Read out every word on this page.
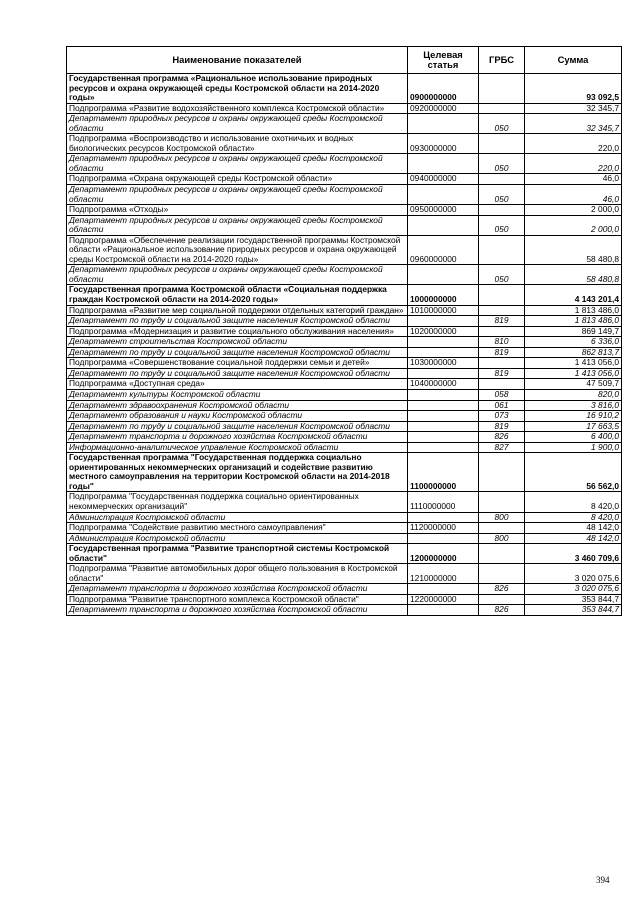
Наименование показателей	Целевая статья	ГРБС	Сумма
Государственная программа «Рациональное использование природных ресурсов и охрана окружающей среды Костромской области на 2014-2020 годы»	0900000000		93 092,5
Подпрограмма «Развитие водохозяйственного комплекса Костромской области»	0920000000		32 345,7
Департамент природных ресурсов и охраны окружающей среды Костромской области		050	32 345,7
Подпрограмма «Воспроизводство и использование охотничьих и водных биологических ресурсов Костромской области»	0930000000		220,0
Департамент природных ресурсов и охраны окружающей среды Костромской области		050	220,0
Подпрограмма «Охрана окружающей среды Костромской области»	0940000000		46,0
Департамент природных ресурсов и охраны окружающей среды Костромской области		050	46,0
Подпрограмма «Отходы»	0950000000		2 000,0
Департамент природных ресурсов и охраны окружающей среды Костромской области		050	2 000,0
Подпрограмма «Обеспечение реализации государственной программы Костромской области «Рациональное использование природных ресурсов и охрана окружающей среды Костромской области на 2014-2020 годы»	0960000000		58 480,8
Департамент природных ресурсов и охраны окружающей среды Костромской области		050	58 480,8
Государственная программа Костромской области «Социальная поддержка граждан Костромской области на 2014-2020 годы»	1000000000		4 143 201,4
Подпрограмма «Развитие мер социальной поддержки отдельных категорий граждан»	1010000000		1 813 486,0
Департамент по труду и социальной защите населения Костромской области		819	1 813 486,0
Подпрограмма «Модернизация и развитие социального обслуживания населения»	1020000000		869 149,7
Департамент строительства Костромской области		810	6 336,0
Департамент по труду и социальной защите населения Костромской области		819	862 813,7
Подпрограмма «Совершенствование социальной поддержки семьи и детей»	1030000000		1 413 056,0
Департамент по труду и социальной защите населения Костромской области		819	1 413 056,0
Подпрограмма «Доступная среда»	1040000000		47 509,7
Департамент культуры Костромской области		058	820,0
Департамент здравоохранения Костромской области		061	3 816,0
Департамент образования и науки Костромской области		073	16 910,2
Департамент по труду и социальной защите населения Костромской области		819	17 663,5
Департамент транспорта и дорожного хозяйства Костромской области		826	6 400,0
Информационно-аналитическое управление Костромской области		827	1 900,0
Государственная программа "Государственная поддержка социально ориентированных некоммерческих организаций и содействие развитию местного самоуправления на территории Костромской области на 2014-2018 годы"	1100000000		56 562,0
Подпрограмма "Государственная поддержка социально ориентированных некоммерческих организаций"	1110000000		8 420,0
Администрация Костромской области		800	8 420,0
Подпрограмма "Содействие развитию местного самоуправления"	1120000000		48 142,0
Администрация Костромской области		800	48 142,0
Государственная программа "Развитие транспортной системы Костромской области"	1200000000		3 460 709,6
Подпрограмма "Развитие автомобильных дорог общего пользования в Костромской области"	1210000000		3 020 075,6
Департамент транспорта и дорожного хозяйства Костромской области		826	3 020 075,6
Подпрограмма "Развитие транспортного комплекса Костромской области"	1220000000		353 844,7
Департамент транспорта и дорожного хозяйства Костромской области		826	353 844,7
394
